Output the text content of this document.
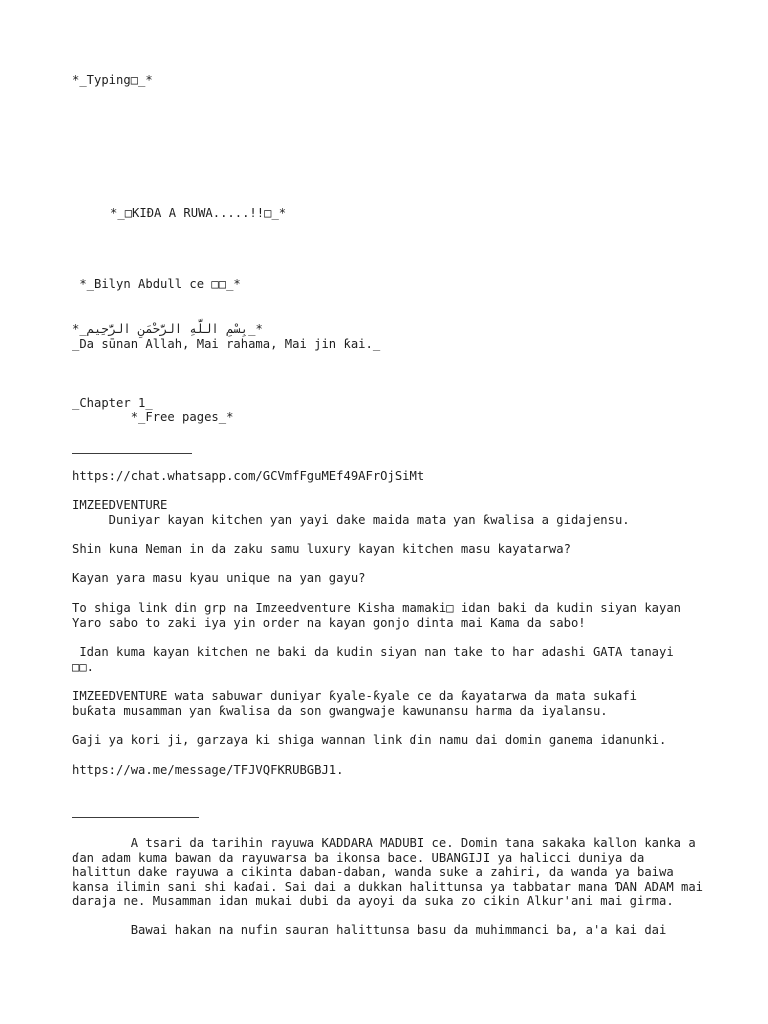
*_Typing□_*
*_□KIƉA A RUWA.....!!□_*
*_Bilyn Abdull ce □□_*
*_بِسْمِ اللَّهِ الرَّحْمَنِ الرَّحِيم_*
_Da sūnan Allah, Mai rahama, Mai jin ƙai._
_Chapter 1_
*_Free pages_*
https://chat.whatsapp.com/GCVmfFguMEf49AFrOjSiMt
IMZEEDVENTURE
Duniyar kayan kitchen ƴan yayi dake maida mata ƴan ƙwalisa a gidajensu.
Shin kuna Neman in da zaku samu luxury kayan kitchen masu kayatarwa?
Kayan yara masu kyau unique na yan gayu?
To shiga link din grp na Imzeedventure Kisha mamaki□ idan baki da kudin siyan kayan
Yaro sabo to zaki iya yin order na kayan gonjo dinta mai Kama da sabo!
Idan kuma kayan kitchen ne baki da kudin siyan nan take to har adashi GATA tanayi
□□.
IMZEEDVENTURE wata sabuwar duniyar ƙyale-ƙyale ce da ƙayatarwa da mata sukafi
buƙata musamman ƴan ƙwalisa da son gwangwaje kawunansu harma da iyalansu.
Gaji ya kori ji, garzaya ki shiga wannan link ɗin namu dai domin ganema idanunki.
https://wa.me/message/TFJVQFKRUBGBJ1.
A tsari da tarihin rayuwa KADDARA MADUBI ce. Domin tana sakaka kallon kanka a ɗan adam kuma bawan da rayuwarsa ba ikonsa bace. UBANGIJI ya halicci duniya da halittun dake rayuwa a cikinta daban-daban, wanda suke a zahiri, da wanda ya baiwa kansa ilimin sani shi kaɗai. Sai dai a dukkan halittunsa ya tabbatar mana ƊAN ADAM mai daraja ne. Musamman idan mukai dubi da ayoyi da suka zo cikin Alkur'ani mai girma.
Bawai hakan na nufin sauran halittunsa basu da muhimmanci ba, a'a kai dai
